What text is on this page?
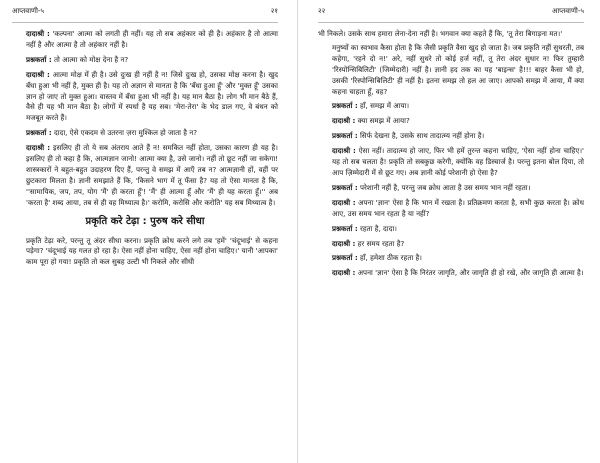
आप्तवाणी-५	२१

दादाश्री : 'कल्पना' आत्मा को लगती ही नहीं। यह तो सब अहंकार को ही है। अहंकार है तो आत्मा नहीं है और आत्मा है तो अहंकार नहीं है।

प्रश्नकर्ता : तो आत्मा को मोक्ष देना है न?

दादाश्री : आत्मा मोक्ष में ही है। उसे दुःख ही नहीं है न! जिसे दुःख हो, उसका मोक्ष करना है। खुद बँधा हुआ भी नहीं है, मुक्त ही है। यह तो अज्ञान से मानता है कि 'बँधा हुआ हूँ' और 'मुक्त हूँ' उसका ज्ञान हो जाए तो मुक्त हुआ। वास्तव में बँधा हुआ भी नहीं है। यह मान बैठा है। लोग भी मान बैठे हैं, वैसे ही यह भी मान बैठा है। लोगों में स्पर्धा है यह सब। 'मेरा-तेरा' के भेद डाल गए, वे बंधन को मजबूत करते हैं।

प्रश्नकर्ता : दादा, ऐसे एकदम से उतरना ज़रा मुश्किल हो जाता है न?

दादाश्री : इसलिए ही तो ये सब अंतराय आते हैं न! समकित नहीं होता, उसका कारण ही यह है। इसलिए ही तो कहा है कि, आत्मज्ञान जानो! आत्मा क्या है, उसे जानो। नहीं तो छूट नहीं जा सकेगा! शास्त्रकारों ने बहुत-बहुत उदाहरण दिए हैं, परन्तु वे समझ में आएँ तब न? आत्मज्ञानी हों, वहीं पर छुटकारा मिलता है। ज्ञानी समझाते हैं कि, 'किसने भाग में तू फँसा है? यह तो ऐसा मानता है कि, ''सामायिक, जप, तप, योग 'मैं' ही करता हूँ'! 'मैं' ही आत्मा हूँ और 'मैं' ही यह करता हूँ।'' अब 'करता है' शब्द आया, तब से ही वह मिथ्यात्व है।' करोमि, करोसि और करोति' यह सब मिथ्यात्व है।

प्रकृति करे टेढ़ा : पुरुष करे सीधा

प्रकृति टेढ़ा करे, परन्तु तू अंदर सीधा करना। प्रकृति क्रोध करने लगे तब 'हमें' 'चंदूभाई' से कहना पड़ेगा? 'चंदूभाई यह गलत हो रहा है। ऐसा नहीं होना चाहिए, ऐसा नहीं होना चाहिए।' यानी 'आपका' काम पूरा हो गया! प्रकृति तो कल सुबह उल्टी भी निकले और सीधी

२२	आप्तवाणी-५

भी निकले। उसके साथ हमारा लेना-देना नहीं है। भगवान क्या कहते हैं कि, 'तू तेरा बिगाड़ना मत।'

मनुष्यों का स्वभाव कैसा होता है कि जैसी प्रकृति वैसा खुद हो जाता है। जब प्रकृति नहीं सुधरती, तब कहेगा, 'रहने दो न!' अरे, नहीं सुधरे तो कोई हर्ज नहीं, तू तेरा अंदर सुधार न! फिर तुम्हारी 'रिस्पोन्सिबिलिटी' (जिम्मेदारी) नहीं है। ज्ञानी हद तक का यह 'बाइन्स' है!!! बाहर कैसा भी हो, उसकी 'रिस्पोन्सिबिलिटी' ही नहीं है। इतना समझ तो हल आ जाए। आपको समझ में आया, मैं क्या कहना चाहता हूँ, वह?

प्रश्नकर्ता : हाँ, समझ में आया।

दादाश्री : क्या समझ में आया?

प्रश्नकर्ता : सिर्फ देखना है, उसके साथ तादात्म्य नहीं होना है।

दादाश्री : ऐसा नहीं। तादात्म्य हो जाए, फिर भी हमें तुरन्त कहना चाहिए, 'ऐसा नहीं होना चाहिए।' यह तो सब चलता है! प्रकृति तो सबकुछ करेगी, क्योंकि वह डिस्चार्ज है। परन्तु इतना बोल दिया, तो आप ज़िम्मेदारी में से छूट गए। अब ज्ञानी कोई परेशानी हो ऐसा है?

प्रश्नकर्ता : परेशानी नहीं है, परन्तु जब क्रोध आता है उस समय भान नहीं रहता।

दादाश्री : अपना 'ज्ञान' ऐसा है कि भान में रखता है। प्रतिक्रमण करता है, सभी कुछ करता है। क्रोध आए, उस समय भान रहता है या नहीं?

प्रश्नकर्ता : रहता है, दादा।

दादाश्री : हर समय रहता है?

प्रश्नकर्ता : हाँ, हमेशा ठीक रहता है।

दादाश्री : अपना 'ज्ञान' ऐसा है कि निरंतर जागृति, और जागृति ही हो रखे, और जागृति ही आत्मा है।
